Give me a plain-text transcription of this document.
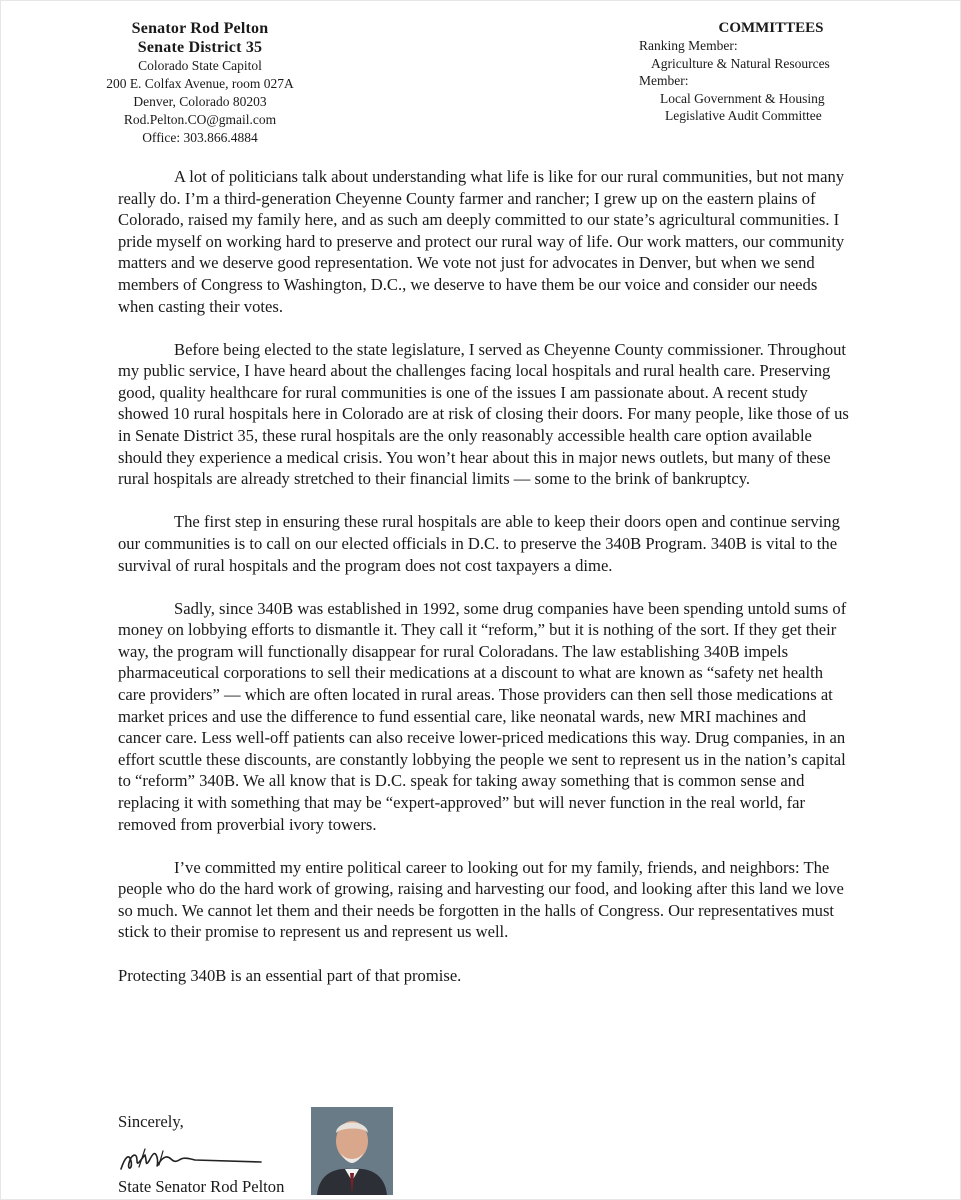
Senator Rod Pelton
Senate District 35
Colorado State Capitol
200 E. Colfax Avenue, room 027A
Denver, Colorado 80203
Rod.Pelton.CO@gmail.com
Office: 303.866.4884
COMMITTEES
Ranking Member:
Agriculture & Natural Resources
Member:
Local Government & Housing
Legislative Audit Committee

A lot of politicians talk about understanding what life is like for our rural communities, but not many really do. I’m a third-generation Cheyenne County farmer and rancher; I grew up on the eastern plains of Colorado, raised my family here, and as such am deeply committed to our state’s agricultural communities. I pride myself on working hard to preserve and protect our rural way of life. Our work matters, our community matters and we deserve good representation. We vote not just for advocates in Denver, but when we send members of Congress to Washington, D.C., we deserve to have them be our voice and consider our needs when casting their votes.

Before being elected to the state legislature, I served as Cheyenne County commissioner. Throughout my public service, I have heard about the challenges facing local hospitals and rural health care. Preserving good, quality healthcare for rural communities is one of the issues I am passionate about. A recent study showed 10 rural hospitals here in Colorado are at risk of closing their doors. For many people, like those of us in Senate District 35, these rural hospitals are the only reasonably accessible health care option available should they experience a medical crisis. You won’t hear about this in major news outlets, but many of these rural hospitals are already stretched to their financial limits — some to the brink of bankruptcy.

The first step in ensuring these rural hospitals are able to keep their doors open and continue serving our communities is to call on our elected officials in D.C. to preserve the 340B Program. 340B is vital to the survival of rural hospitals and the program does not cost taxpayers a dime.

Sadly, since 340B was established in 1992, some drug companies have been spending untold sums of money on lobbying efforts to dismantle it. They call it “reform,” but it is nothing of the sort. If they get their way, the program will functionally disappear for rural Coloradans. The law establishing 340B impels pharmaceutical corporations to sell their medications at a discount to what are known as “safety net health care providers” — which are often located in rural areas. Those providers can then sell those medications at market prices and use the difference to fund essential care, like neonatal wards, new MRI machines and cancer care. Less well-off patients can also receive lower-priced medications this way. Drug companies, in an effort scuttle these discounts, are constantly lobbying the people we sent to represent us in the nation’s capital to “reform” 340B. We all know that is D.C. speak for taking away something that is common sense and replacing it with something that may be “expert-approved” but will never function in the real world, far removed from proverbial ivory towers.

I’ve committed my entire political career to looking out for my family, friends, and neighbors: The people who do the hard work of growing, raising and harvesting our food, and looking after this land we love so much. We cannot let them and their needs be forgotten in the halls of Congress. Our representatives must stick to their promise to represent us and represent us well.

Protecting 340B is an essential part of that promise.

Sincerely,
State Senator Rod Pelton
